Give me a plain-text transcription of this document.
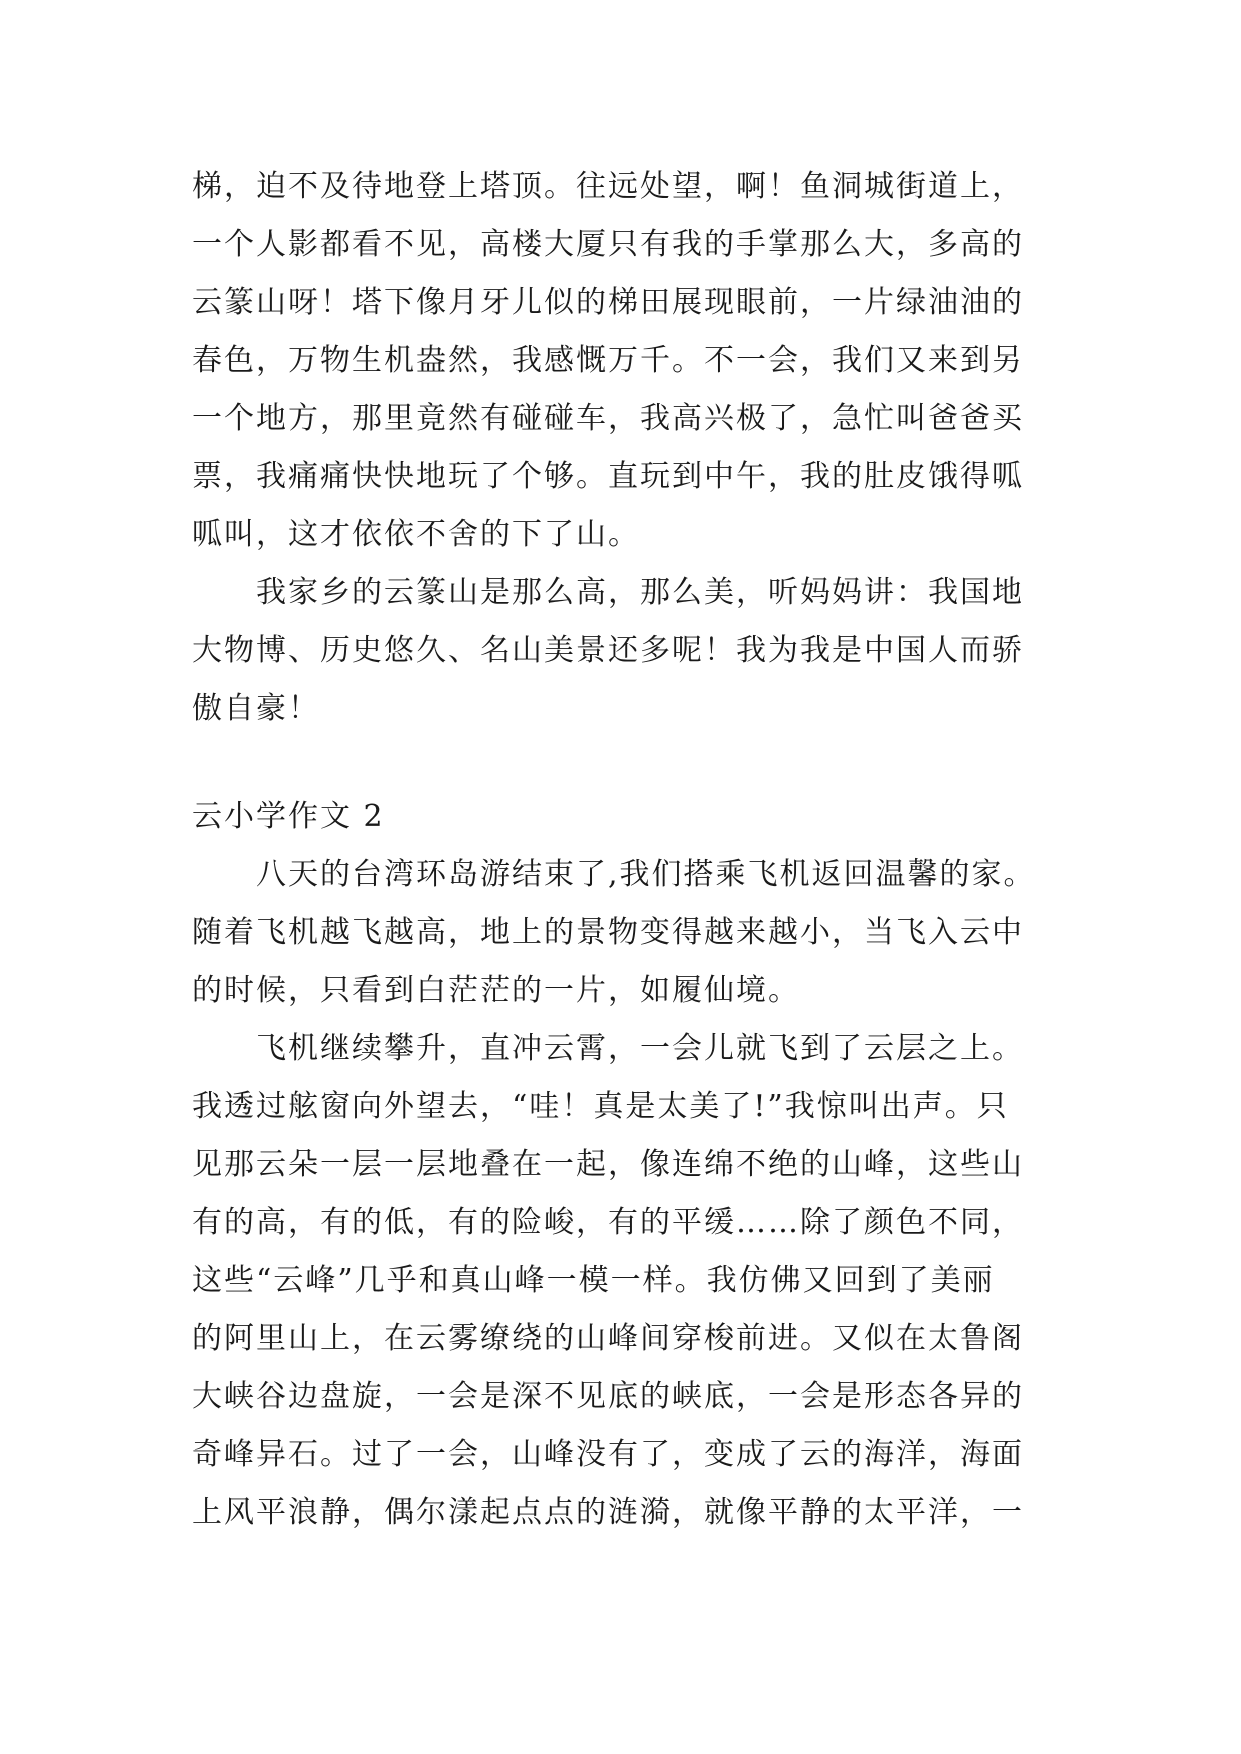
梯，迫不及待地登上塔顶。往远处望，啊！鱼洞城街道上，
一个人影都看不见，高楼大厦只有我的手掌那么大，多高的
云篆山呀！塔下像月牙儿似的梯田展现眼前，一片绿油油的
春色，万物生机盎然，我感慨万千。不一会，我们又来到另
一个地方，那里竟然有碰碰车，我高兴极了，急忙叫爸爸买
票，我痛痛快快地玩了个够。直玩到中午，我的肚皮饿得呱
呱叫，这才依依不舍的下了山。
　　我家乡的云篆山是那么高，那么美，听妈妈讲：我国地
大物博、历史悠久、名山美景还多呢！我为我是中国人而骄
傲自豪！
云小学作文 2
　　八天的台湾环岛游结束了,我们搭乘飞机返回温馨的家。
随着飞机越飞越高，地上的景物变得越来越小，当飞入云中
的时候，只看到白茫茫的一片，如履仙境。
　　飞机继续攀升，直冲云霄，一会儿就飞到了云层之上。
我透过舷窗向外望去，“哇！真是太美了!”我惊叫出声。只
见那云朵一层一层地叠在一起，像连绵不绝的山峰，这些山
有的高，有的低，有的险峻，有的平缓……除了颜色不同，
这些“云峰”几乎和真山峰一模一样。我仿佛又回到了美丽
的阿里山上，在云雾缭绕的山峰间穿梭前进。又似在太鲁阁
大峡谷边盘旋，一会是深不见底的峡底，一会是形态各异的
奇峰异石。过了一会，山峰没有了，变成了云的海洋，海面
上风平浪静，偶尔漾起点点的涟漪，就像平静的太平洋，一
